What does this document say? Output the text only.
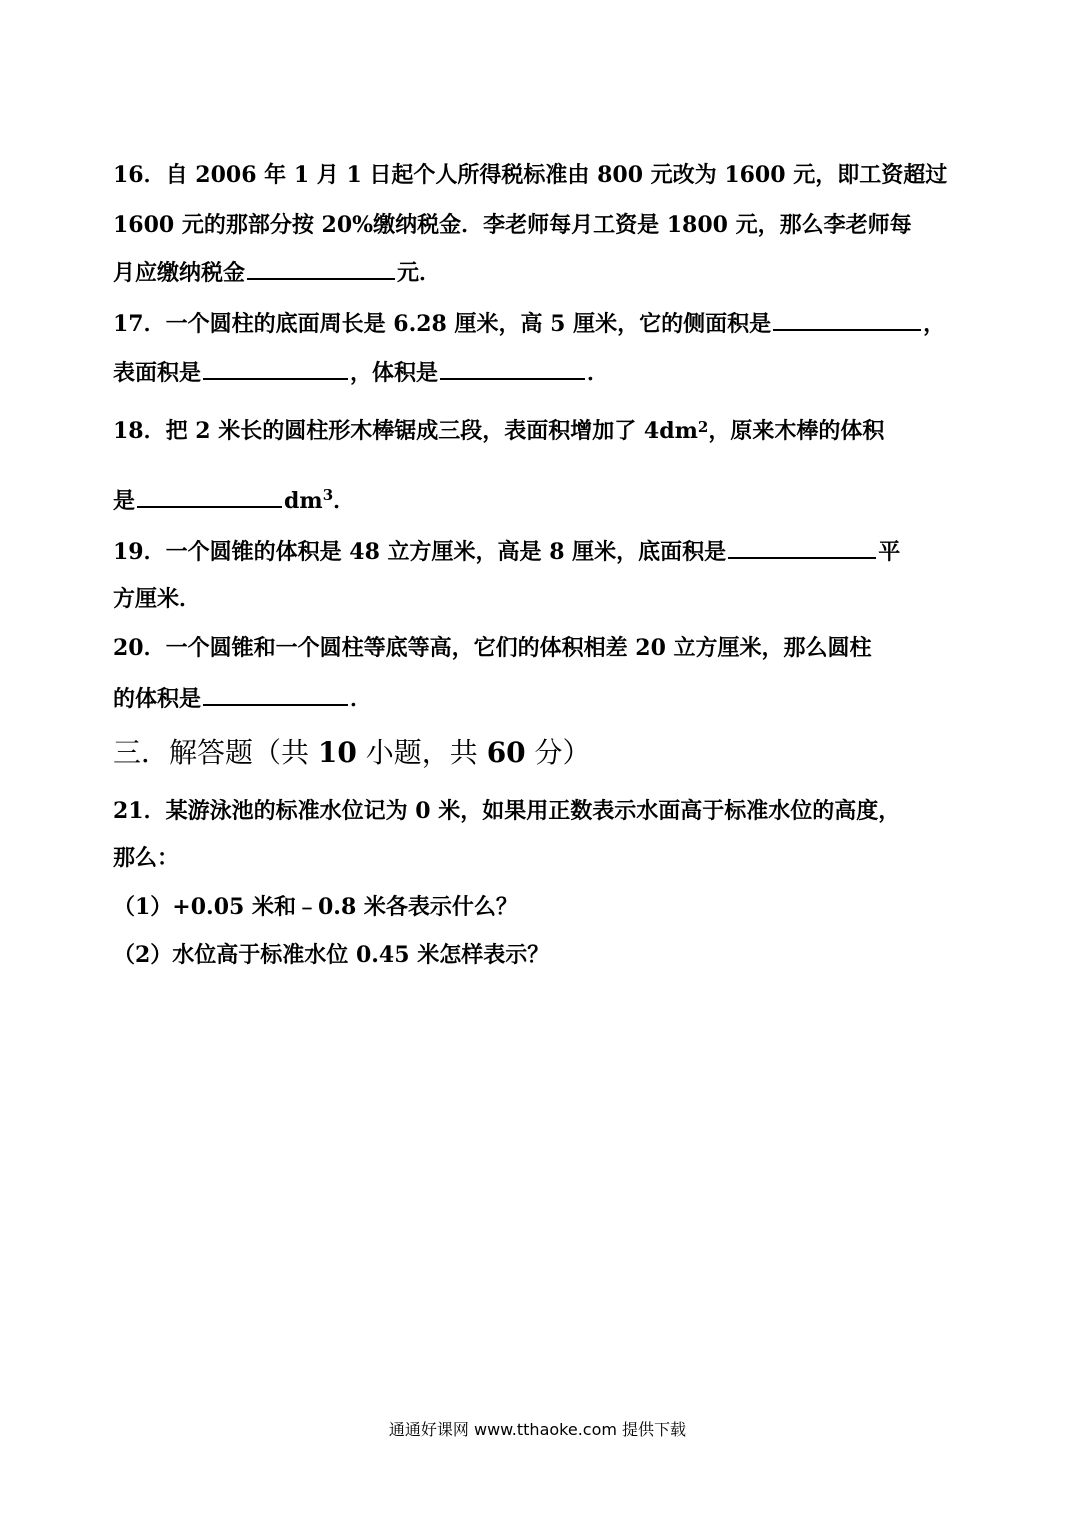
16．自 2006 年 1 月 1 日起个人所得税标准由 800 元改为 1600 元，即工资超过
1600 元的那部分按 20%缴纳税金．李老师每月工资是 1800 元，那么李老师每
月应缴纳税金	元．
17．一个圆柱的底面周长是 6.28 厘米，高 5 厘米，它的侧面积是	，
表面积是	，体积是	．
18．把 2 米长的圆柱形木棒锯成三段，表面积增加了 $4dm^2$，原来木棒的体积
是	$dm^3$．
19．一个圆锥的体积是 48 立方厘米，高是 8 厘米，底面积是	平
方厘米．
20．一个圆锥和一个圆柱等底等高，它们的体积相差 20 立方厘米，那么圆柱
的体积是	．
三．解答题（共 10 小题，共 60 分）
21．某游泳池的标准水位记为 0 米，如果用正数表示水面高于标准水位的高度，
那么：
（1）+0.05 米和﹣0.8 米各表示什么？
（2）水位高于标准水位 0.45 米怎样表示？
通通好课网 www.tthaoke.com 提供下载
